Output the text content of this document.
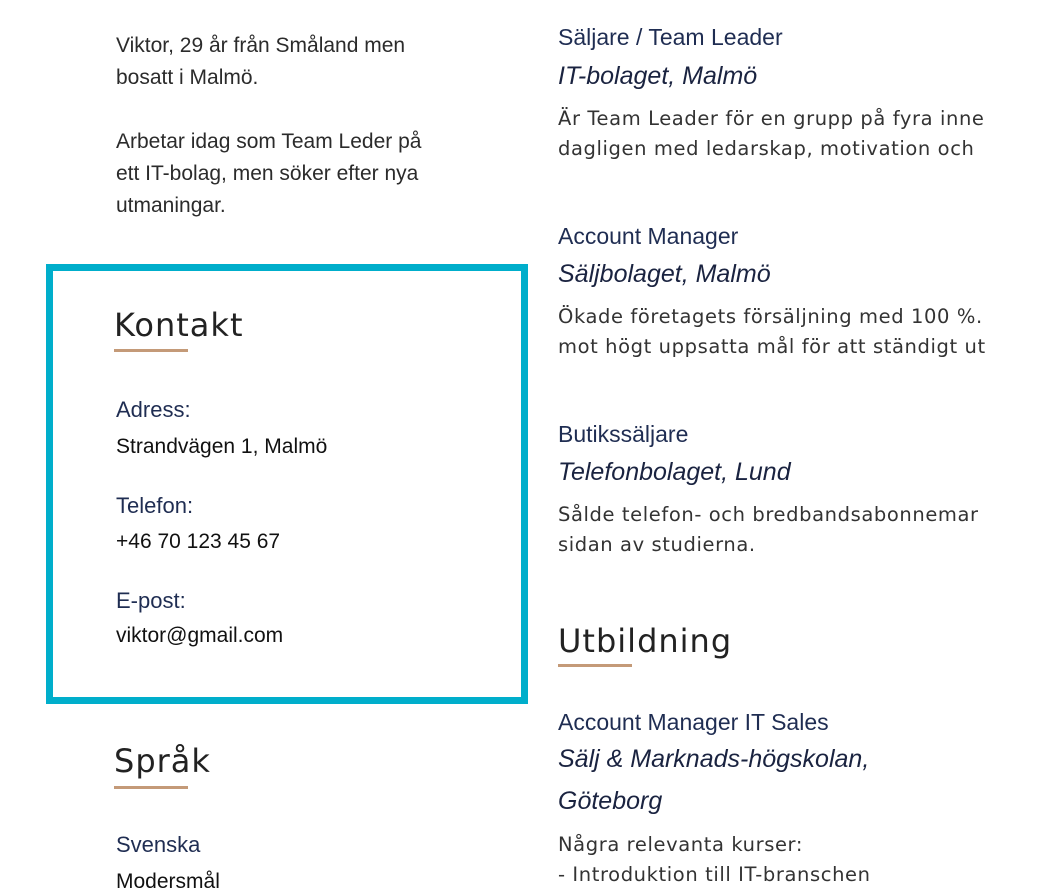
Viktor, 29 år från Småland men
bosatt i Malmö.
Arbetar idag som Team Leder på
ett IT-bolag, men söker efter nya
utmaningar.
Kontakt
Adress:
Strandvägen 1, Malmö
Telefon:
+46 70 123 45 67
E-post:
viktor@gmail.com
Språk
Svenska
Modersmål
Säljare / Team Leader
IT-bolaget, Malmö
Är Team Leader för en grupp på fyra inne
dagligen med ledarskap, motivation och
Account Manager
Säljbolaget, Malmö
Ökade företagets försäljning med 100 %.
mot högt uppsatta mål för att ständigt ut
Butikssäljare
Telefonbolaget, Lund
Sålde telefon- och bredbandsabonnemar
sidan av studierna.
Utbildning
Account Manager IT Sales
Sälj & Marknads-högskolan,
Göteborg
Några relevanta kurser:
- Introduktion till IT-branschen
